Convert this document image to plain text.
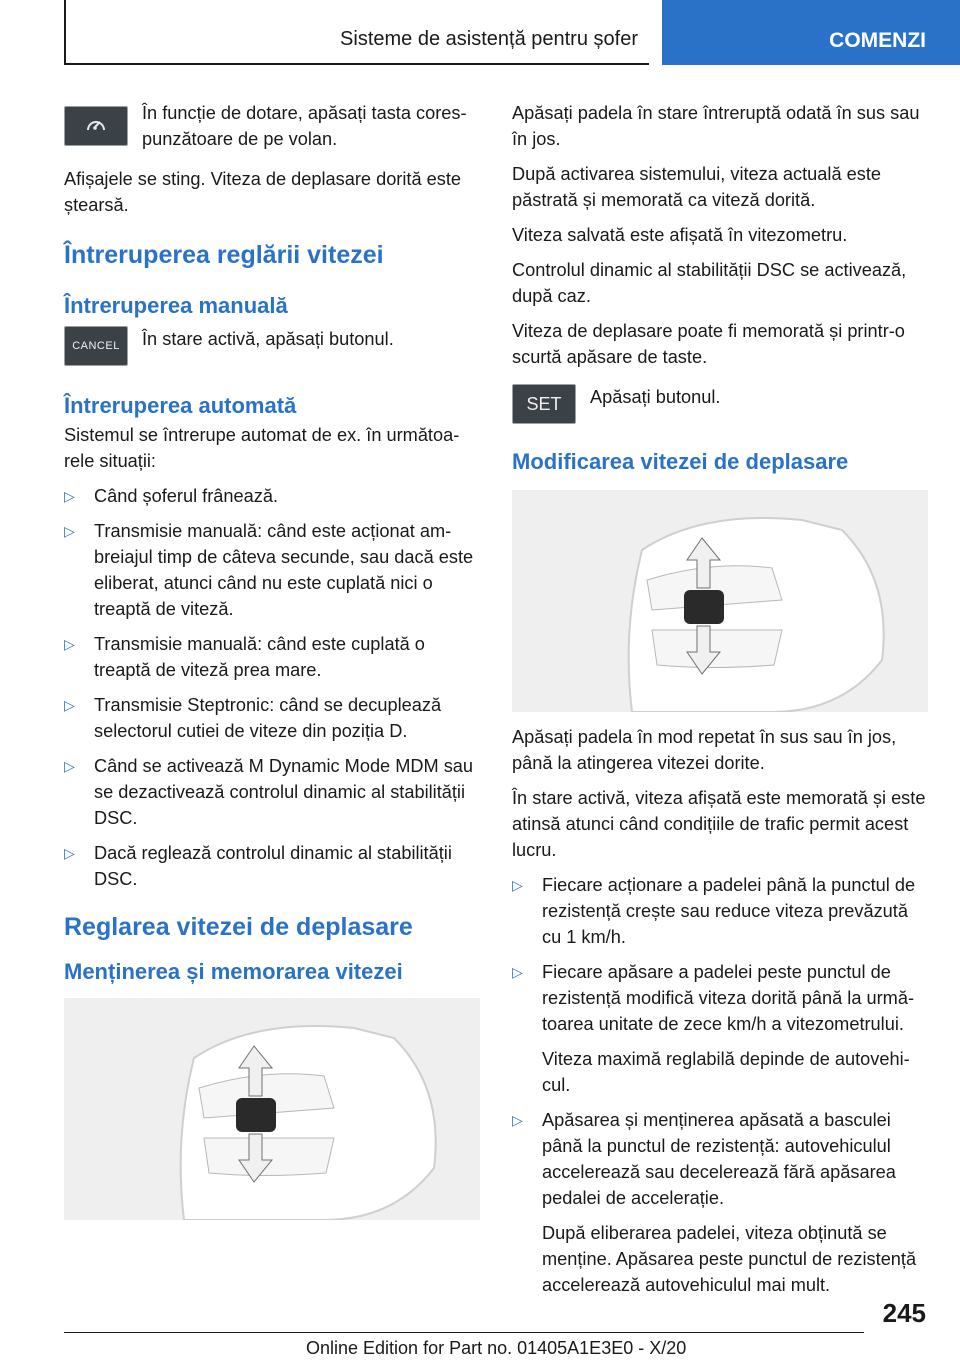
Sisteme de asistență pentru șofer	COMENZI
În funcție de dotare, apăsați tasta corespunzătoare de pe volan.

Afișajele se sting. Viteza de deplasare dorită este ștearsă.

Întreruperea reglării vitezei
Întreruperea manuală
CANCEL	În stare activă, apăsați butonul.
Întreruperea automată

Sistemul se întrerupe automat de ex. în următoarele situații:

▷ Când șoferul frânează.
▷ Transmisie manuală: când este acționat ambreiajul timp de câteva secunde, sau dacă este eliberat, atunci când nu este cuplată nici o treaptă de viteză.
▷ Transmisie manuală: când este cuplată o treaptă de viteză prea mare.
▷ Transmisie Steptronic: când se decuplează selectorul cutiei de viteze din poziția D.
▷ Când se activează M Dynamic Mode MDM sau se dezactivează controlul dinamic al stabilității DSC.
▷ Dacă reglează controlul dinamic al stabilității DSC.
Reglarea vitezei de deplasare
Menținerea și memorarea vitezei

Apăsați padela în stare întreruptă odată în sus sau în jos.

După activarea sistemului, viteza actuală este păstrată și memorată ca viteză dorită.

Viteza salvată este afișată în vitezometru.

Controlul dinamic al stabilității DSC se activează, după caz.

Viteza de deplasare poate fi memorată și printr-o scurtă apăsare de taste.

SET	Apăsați butonul.
Modificarea vitezei de deplasare

Apăsați padela în mod repetat în sus sau în jos, până la atingerea vitezei dorite.

În stare activă, viteza afișată este memorată și este atinsă atunci când condițiile de trafic permit acest lucru.

▷ Fiecare acționare a padelei până la punctul de rezistență crește sau reduce viteza prevăzută cu 1 km/h.
▷ Fiecare apăsare a padelei peste punctul de rezistență modifică viteza dorită până la următoarea unitate de zece km/h a vitezometrului.
Viteza maximă reglabilă depinde de autovehicul.
▷ Apăsarea și menținerea apăsată a basculei până la punctul de rezistență: autovehiculul accelerează sau decelerează fără apăsarea pedalei de accelerație.
După eliberarea padelei, viteza obținută se menține. Apăsarea peste punctul de rezistență accelerează autovehiculul mai mult.
245
Online Edition for Part no. 01405A1E3E0 - X/20
